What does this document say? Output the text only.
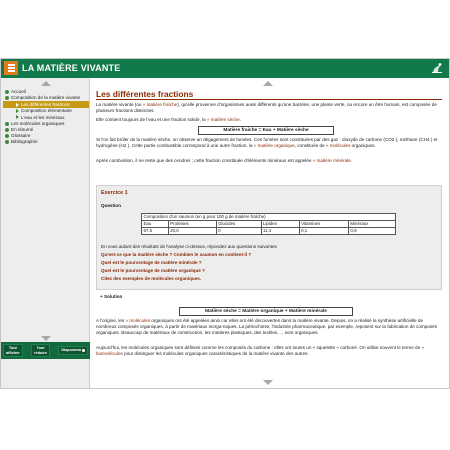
LA MATIÈRE VIVANTE
Accueil
Composition de la matière vivante
Les différentes fractions
Composition élémentaire
L'eau et les minéraux
Les molécules organiques
En résumé
Glossaire
Bibliographie
Tout
afficher
Tout
réduire
Diaporama
Les différentes fractions
La matière vivante (ou » matière fraîche), qu'elle provienne d'organismes aussi différents qu'une bactérie, une plante verte, ou encore un être humain, est composée de plusieurs fractions distinctes.
Elle contient toujours de l'eau et une fraction solide, la » matière sèche.
Matière fraiche = Eau + Matière sèche
Si l'on fait brûler de la matière sèche, on observe un dégagement de fumées. Ces fumées sont constituées par des gaz : dioxyde de carbone (CO2 ), méthane (CH4 ) et hydrogène (H2 ). Cette partie combustible correspond à une autre fraction, la » matière organique, constituée de » molécules organiques.
Après combustion, il ne reste que des cendres ; cette fraction constituée d'éléments minéraux est appelée » matière minérale.
Exercice 1
Question
Composition d'un saumon (en g pour 100 g de matière fraîche)					
Eau	Protéines	Glucides	Lipides	Vitamines	Minéraux
67,6	20,0	0	11,4	0,1	0,9
En vous aidant des résultats de l'analyse ci-dessus, répondez aux questions suivantes
Qu'est-ce que la matière sèche ? Combien le saumon en contient-il ?
Quel est le pourcentage de matière minérale ?
Quel est le pourcentage de matière organique ?
Citez des exemples de molécules organiques.
+ Solution
Matière sèche = Matière organique + Matière minérale
A l'origine, les » molécules organiques ont été appelées ainsi car elles ont été découvertes dans la matière vivante. Depuis, on a réalisé la synthèse artificielle de nombreux composés organiques, à partir de matériaux inorga-niques. La pétrochimie, l'industrie pharmaceutique, par exemple, reposent sur la fabrication de composés organiques. Beaucoup de matériaux de construction, les matières plastiques, des textiles... , sont organiques.
Aujourd'hui, les molécules organiques sont définies comme les composés du carbone : elles ont toutes un « squelette » carboné. On utilise souvent le terme de » biomolécules pour distinguer les molécules organiques caractéristiques de la matière vivante des autres.
